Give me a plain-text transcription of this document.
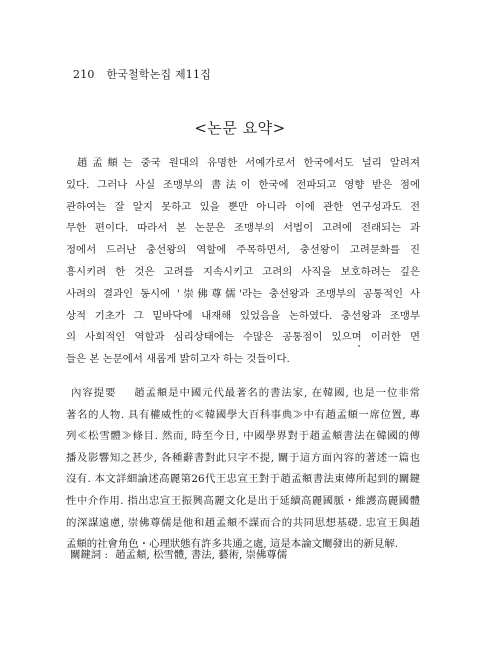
210 한국철학논집 제11집
<논문 요약>
趙孟頫는 중국 원대의 유명한 서예가로서 한국에서도 널리 알려져
있다. 그러나 사실 조맹부의 書法이 한국에 전파되고 영향 받은 점에
관하여는 잘 알지 못하고 있을 뿐만 아니라 이에 관한 연구성과도 전
무한 편이다. 따라서 본 논문은 조맹부의 서법이 고려에 전래되는 과
정에서 드러난 충선왕의 역할에 주목하면서, 충선왕이 고려문화를 진
흥시키려 한 것은 고려를 지속시키고 고려의 사직을 보호하려는 깊은
사려의 결과인 동시에 '崇佛尊儒'라는 충선왕과 조맹부의 공통적인 사
상적 기초가 그 밑바닥에 내재해 있었음을 논하였다. 충선왕과 조맹부
의 사회적인 역할과 심리상태에는 수많은 공통점이 있으며 이러한 면
들은 본 논문에서 새롭게 밝히고자 하는 것들이다.
內容提要 趙孟頫是中國元代最著名的書法家, 在韓國, 也是一位非常
著名的人物. 具有權威性的≪韓國學大百科事典≫中有趙孟頫一席位置, 專
列≪松雪體≫條目. 然而, 時至今日, 中國學界對于趙孟頫書法在韓國的傳
播及影響知之甚少, 各種辭書對此只字不提, 關于這方面內容的著述一篇也
沒有. 本文詳細論述高麗第26代王忠宣王對于趙孟頫書法東傳所起到的關鍵
性中介作用. 指出忠宣王振興高麗文化是出于延續高麗國脈・維護高麗國體
的深謀遠慮, 崇佛尊儒是他和趙孟頫不謀而合的共同思想基礎. 忠宣王與趙
孟頫的社會角色・心理狀態有許多共通之處, 這是本論文闡發出的新見解.
關鍵詞 : 趙孟頫, 松雪體, 書法, 藝術, 崇佛尊儒
